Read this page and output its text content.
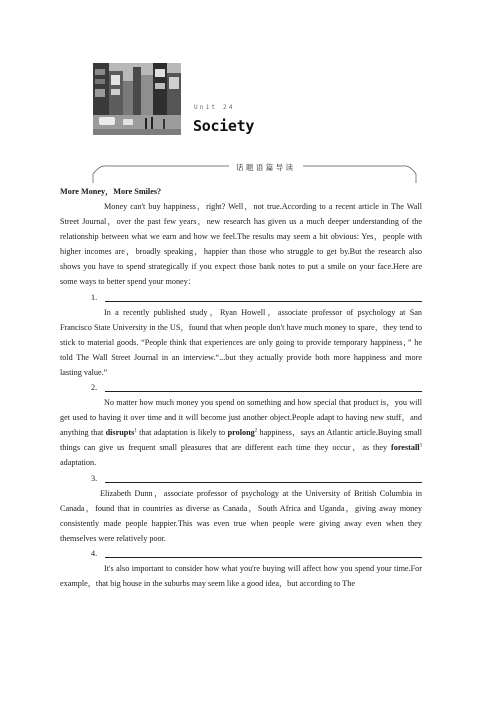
Unit 24
Society
话题语篇导读

More Money，More Smiles?

Money can't buy happiness，right? Well，not true.According to a recent article in The Wall Street Journal，over the past few years，new research has given us a much deeper understanding of the relationship between what we earn and how we feel.The results may seem a bit obvious: Yes，people with higher incomes are，broadly speaking，happier than those who struggle to get by.But the research also shows you have to spend strategically if you expect those bank notes to put a smile on your face.Here are some ways to better spend your money：

1.

In a recently published study，Ryan Howell，associate professor of psychology at San Francisco State University in the US，found that when people don't have much money to spare，they tend to stick to material goods. “People think that experiences are only going to provide temporary happiness，” he told The Wall Street Journal in an interview.“...but they actually provide both more happiness and more lasting value.”

2.

No matter how much money you spend on something and how special that product is，you will get used to having it over time and it will become just another object.People adapt to having new stuff，and anything that disrupts$^1$ that adaptation is likely to prolong$^2$ happiness，says an Atlantic article.Buying small things can give us frequent small pleasures that are different each time they occur，as they forestall$^3$ adaptation.

3.

Elizabeth Dunn，associate professor of psychology at the University of British Columbia in Canada，found that in countries as diverse as Canada，South Africa and Uganda，giving away money consistently made people happier.This was even true when people were giving away even when they themselves were relatively poor.

4.

It's also important to consider how what you're buying will affect how you spend your time.For example，that big house in the suburbs may seem like a good idea，but according to The
